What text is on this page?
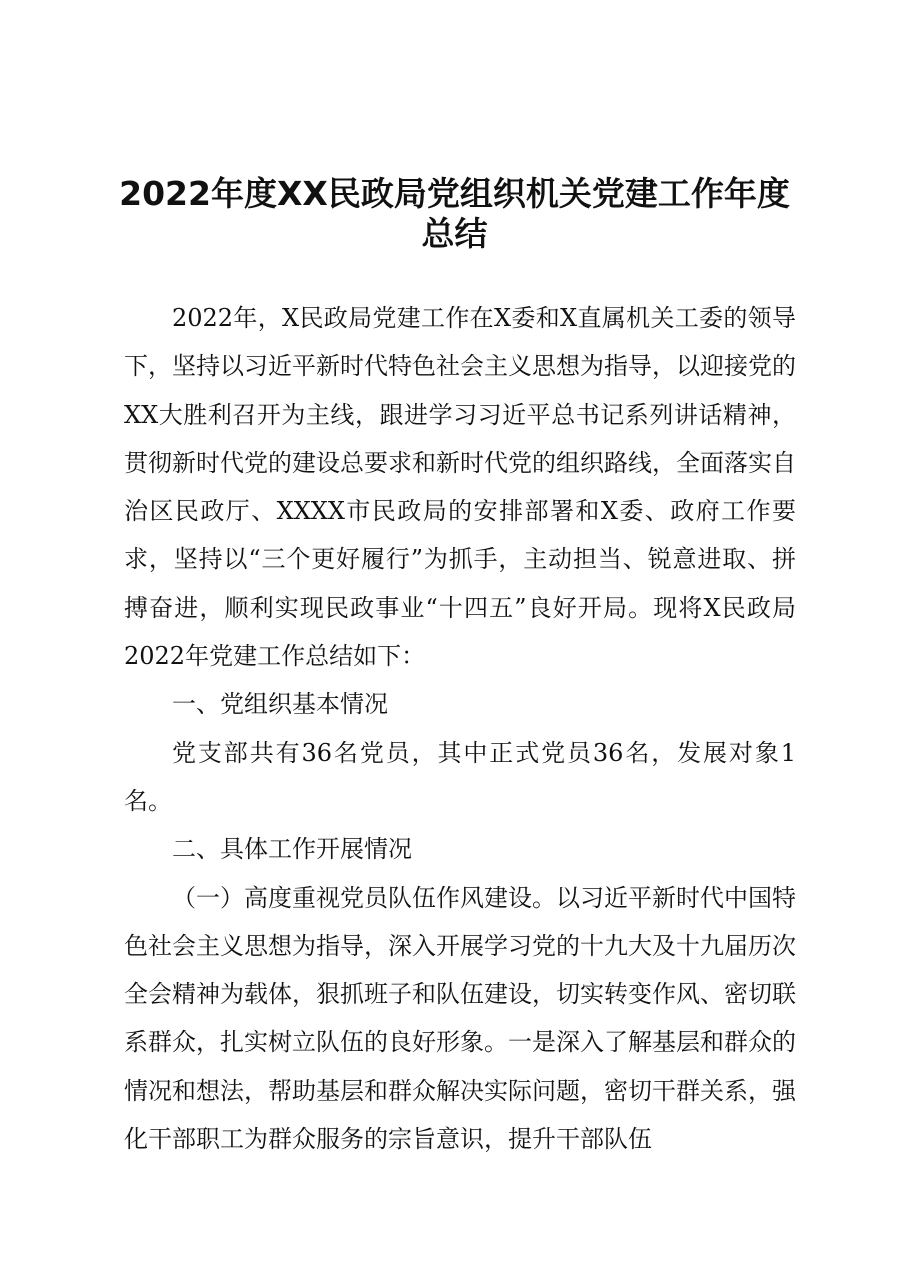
2022年度XX民政局党组织机关党建工作年度
总结

2022年，X民政局党建工作在X委和X直属机关工委的领导下，坚持以习近平新时代特色社会主义思想为指导，以迎接党的XX大胜利召开为主线，跟进学习习近平总书记系列讲话精神，贯彻新时代党的建设总要求和新时代党的组织路线，全面落实自治区民政厅、XXXX市民政局的安排部署和X委、政府工作要求，坚持以“三个更好履行”为抓手，主动担当、锐意进取、拼搏奋进，顺利实现民政事业“十四五”良好开局。现将X民政局2022年党建工作总结如下：

一、党组织基本情况

党支部共有36名党员，其中正式党员36名，发展对象1名。

二、具体工作开展情况

（一）高度重视党员队伍作风建设。以习近平新时代中国特色社会主义思想为指导，深入开展学习党的十九大及十九届历次全会精神为载体，狠抓班子和队伍建设，切实转变作风、密切联系群众，扎实树立队伍的良好形象。一是深入了解基层和群众的情况和想法，帮助基层和群众解决实际问题，密切干群关系，强化干部职工为群众服务的宗旨意识，提升干部队伍
